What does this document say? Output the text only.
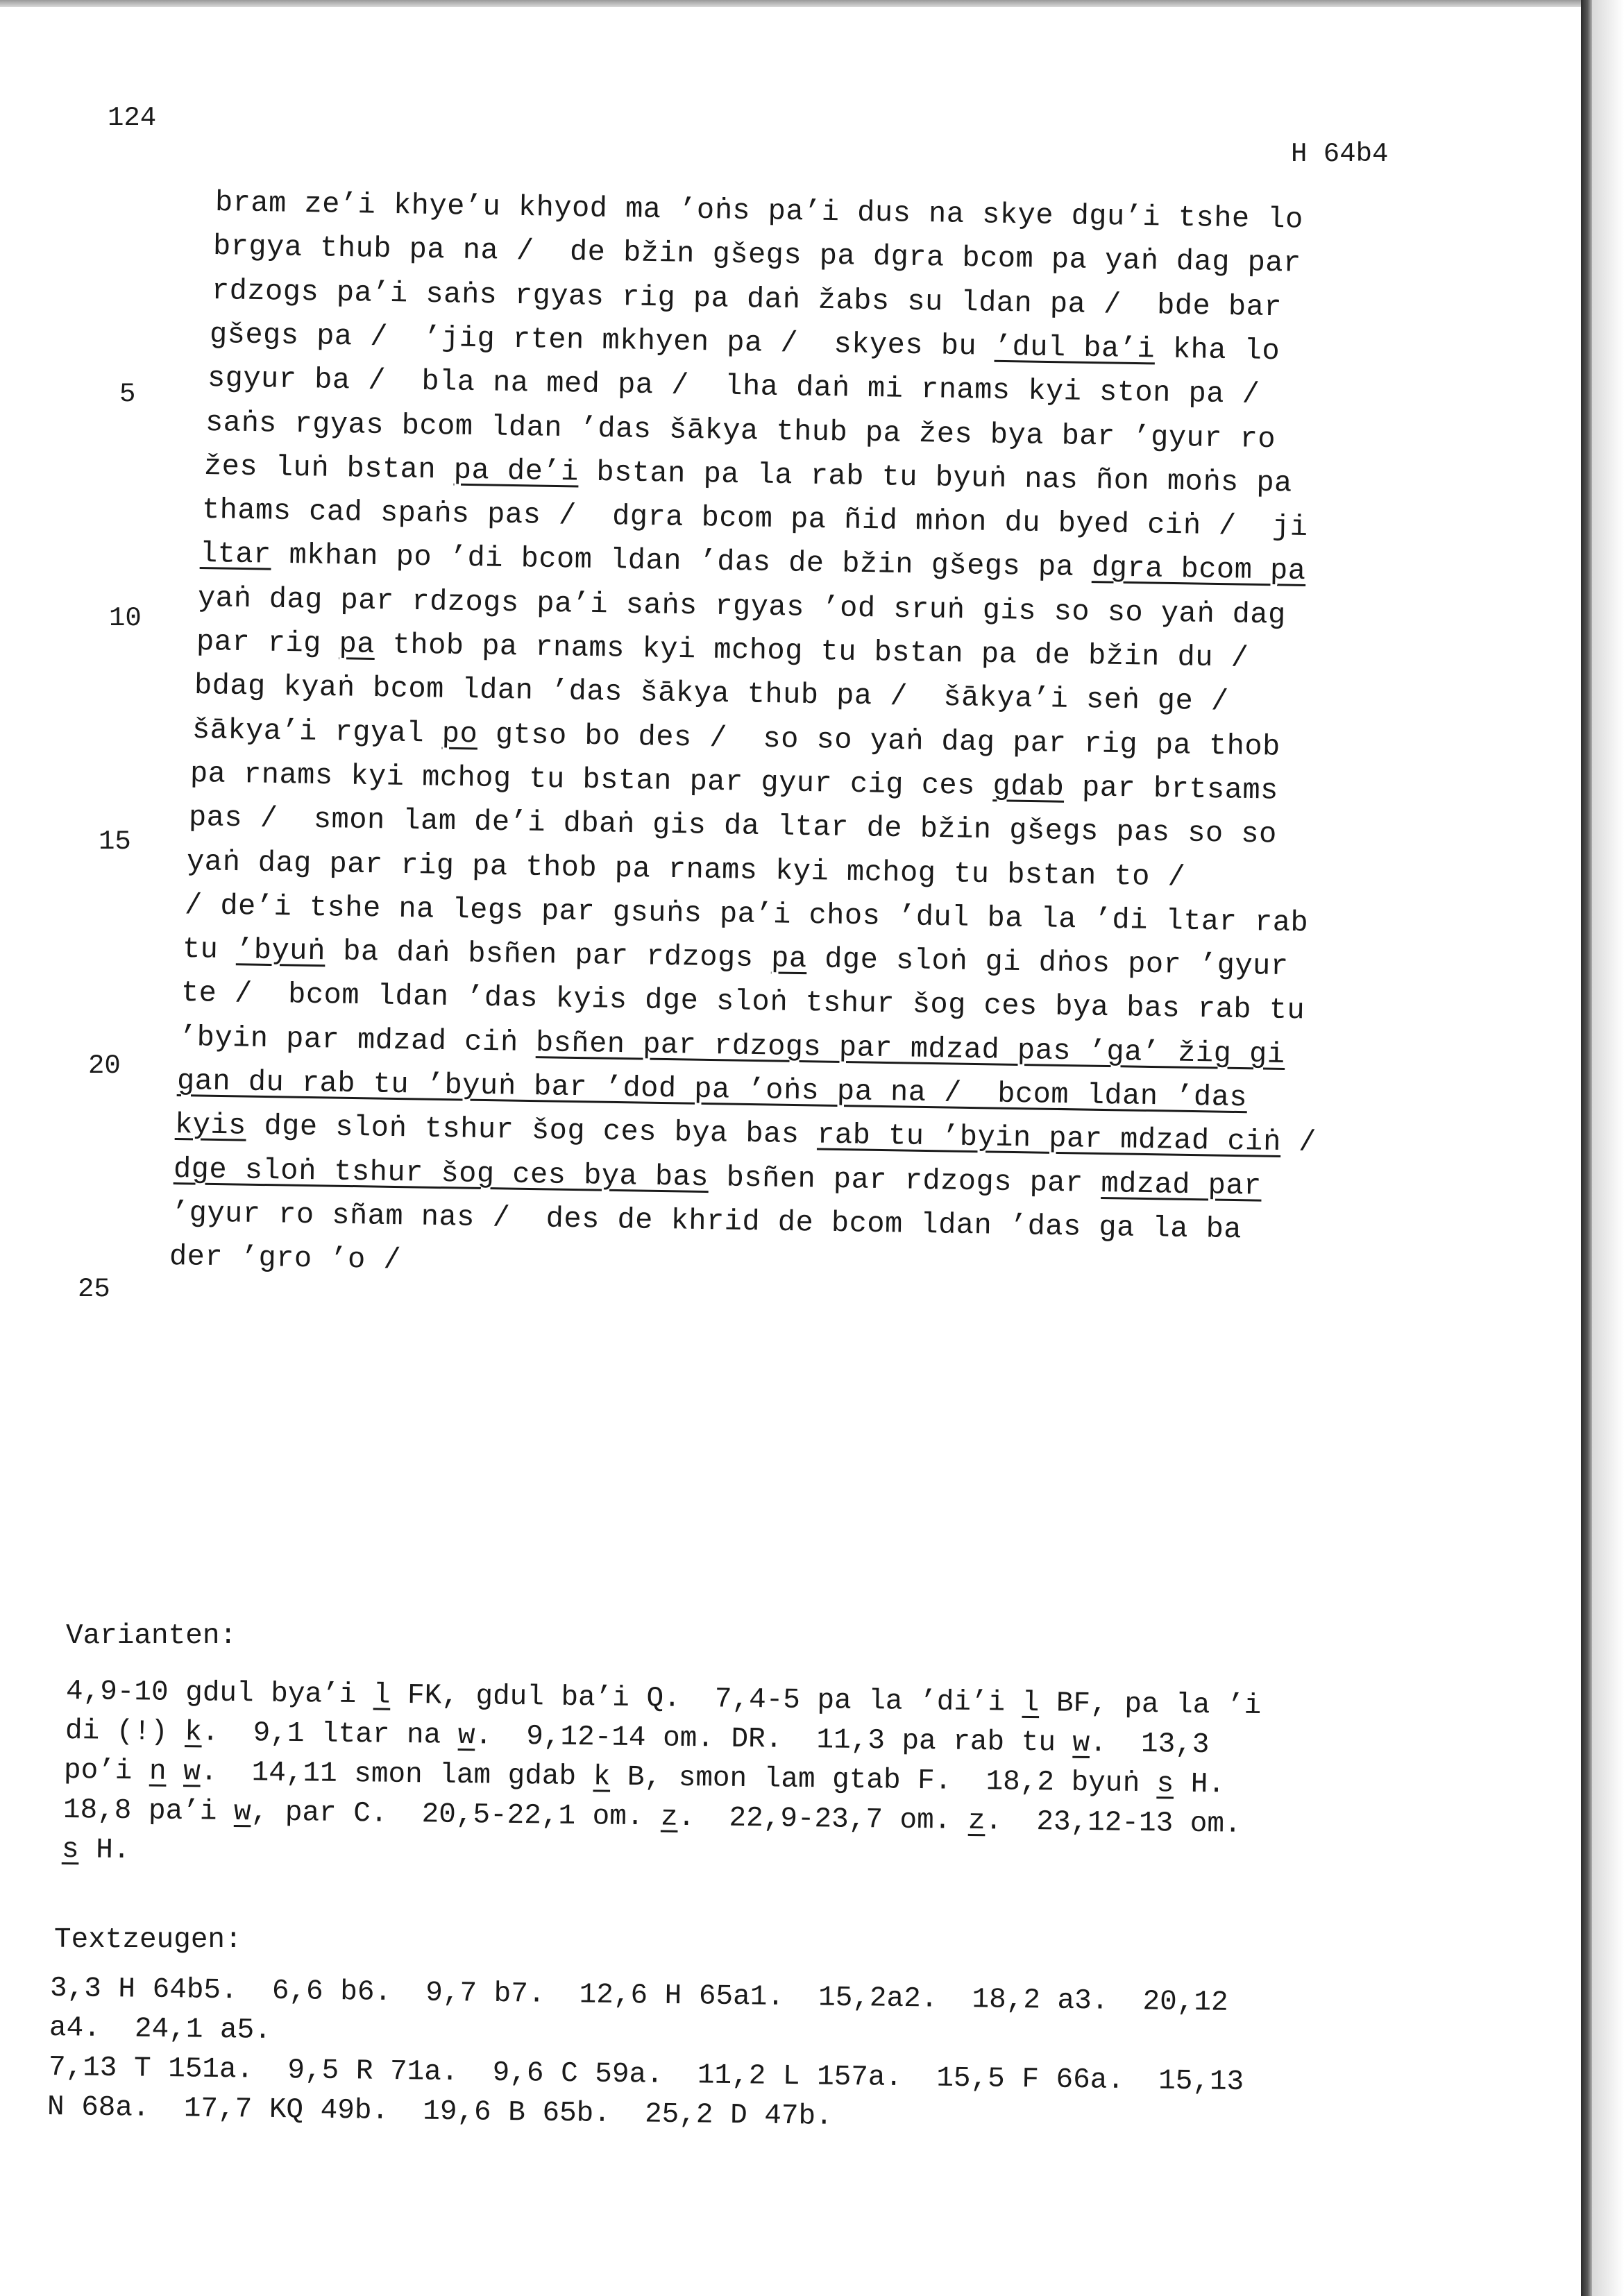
124
H 64b4
bram ze’i khye’u khyod ma ’oṅs pa’i dus na skye dgu’i tshe lo
brgya thub pa na /  de bžin gšegs pa dgra bcom pa yaṅ dag par
rdzogs pa’i saṅs rgyas rig pa daṅ žabs su ldan pa /  bde bar
gšegs pa /  ’jig rten mkhyen pa /  skyes bu ’dul ba’i kha lo
sgyur ba /  bla na med pa /  lha daṅ mi rnams kyi ston pa /
saṅs rgyas bcom ldan ’das šākya thub pa žes bya bar ’gyur ro
žes luṅ bstan pa de’i bstan pa la rab tu byuṅ nas ñon moṅs pa
thams cad spaṅs pas /  dgra bcom pa ñid mṅon du byed ciṅ /  ji
ltar mkhan po ’di bcom ldan ’das de bžin gšegs pa dgra bcom pa
yaṅ dag par rdzogs pa’i saṅs rgyas ’od sruṅ gis so so yaṅ dag
par rig pa thob pa rnams kyi mchog tu bstan pa de bžin du /
bdag kyaṅ bcom ldan ’das šākya thub pa /  šākya’i seṅ ge /
šākya’i rgyal po gtso bo des /  so so yaṅ dag par rig pa thob
pa rnams kyi mchog tu bstan par gyur cig ces gdab par brtsams
pas /  smon lam de’i dbaṅ gis da ltar de bžin gšegs pas so so
yaṅ dag par rig pa thob pa rnams kyi mchog tu bstan to /
/ de’i tshe na legs par gsuṅs pa’i chos ’dul ba la ’di ltar rab
tu ’byuṅ ba daṅ bsñen par rdzogs pa dge sloṅ gi dṅos por ’gyur
te /  bcom ldan ’das kyis dge sloṅ tshur šog ces bya bas rab tu
’byin par mdzad ciṅ bsñen par rdzogs par mdzad pas ’ga’ žig gi
gan du rab tu ’byuṅ bar ’dod pa ’oṅs pa na /  bcom ldan ’das
kyis dge sloṅ tshur šog ces bya bas rab tu ’byin par mdzad ciṅ /
dge sloṅ tshur šog ces bya bas bsñen par rdzogs par mdzad par
’gyur ro sñam nas /  des de khrid de bcom ldan ’das ga la ba
der ’gro ’o /
5
10
15
20
25
Varianten:
4,9-10 gdul bya’i l FK, gdul ba’i Q.  7,4-5 pa la ’di’i l BF, pa la ’i
di (!) k.  9,1 ltar na w.  9,12-14 om. DR.  11,3 pa rab tu w.  13,3
po’i n w.  14,11 smon lam gdab k B, smon lam gtab F.  18,2 byuṅ s H.
18,8 pa’i w, par C.  20,5-22,1 om. z.  22,9-23,7 om. z.  23,12-13 om.
s H.
Textzeugen:
3,3 H 64b5.  6,6 b6.  9,7 b7.  12,6 H 65a1.  15,2a2.  18,2 a3.  20,12
a4.  24,1 a5.
7,13 T 151a.  9,5 R 71a.  9,6 C 59a.  11,2 L 157a.  15,5 F 66a.  15,13
N 68a.  17,7 KQ 49b.  19,6 B 65b.  25,2 D 47b.
